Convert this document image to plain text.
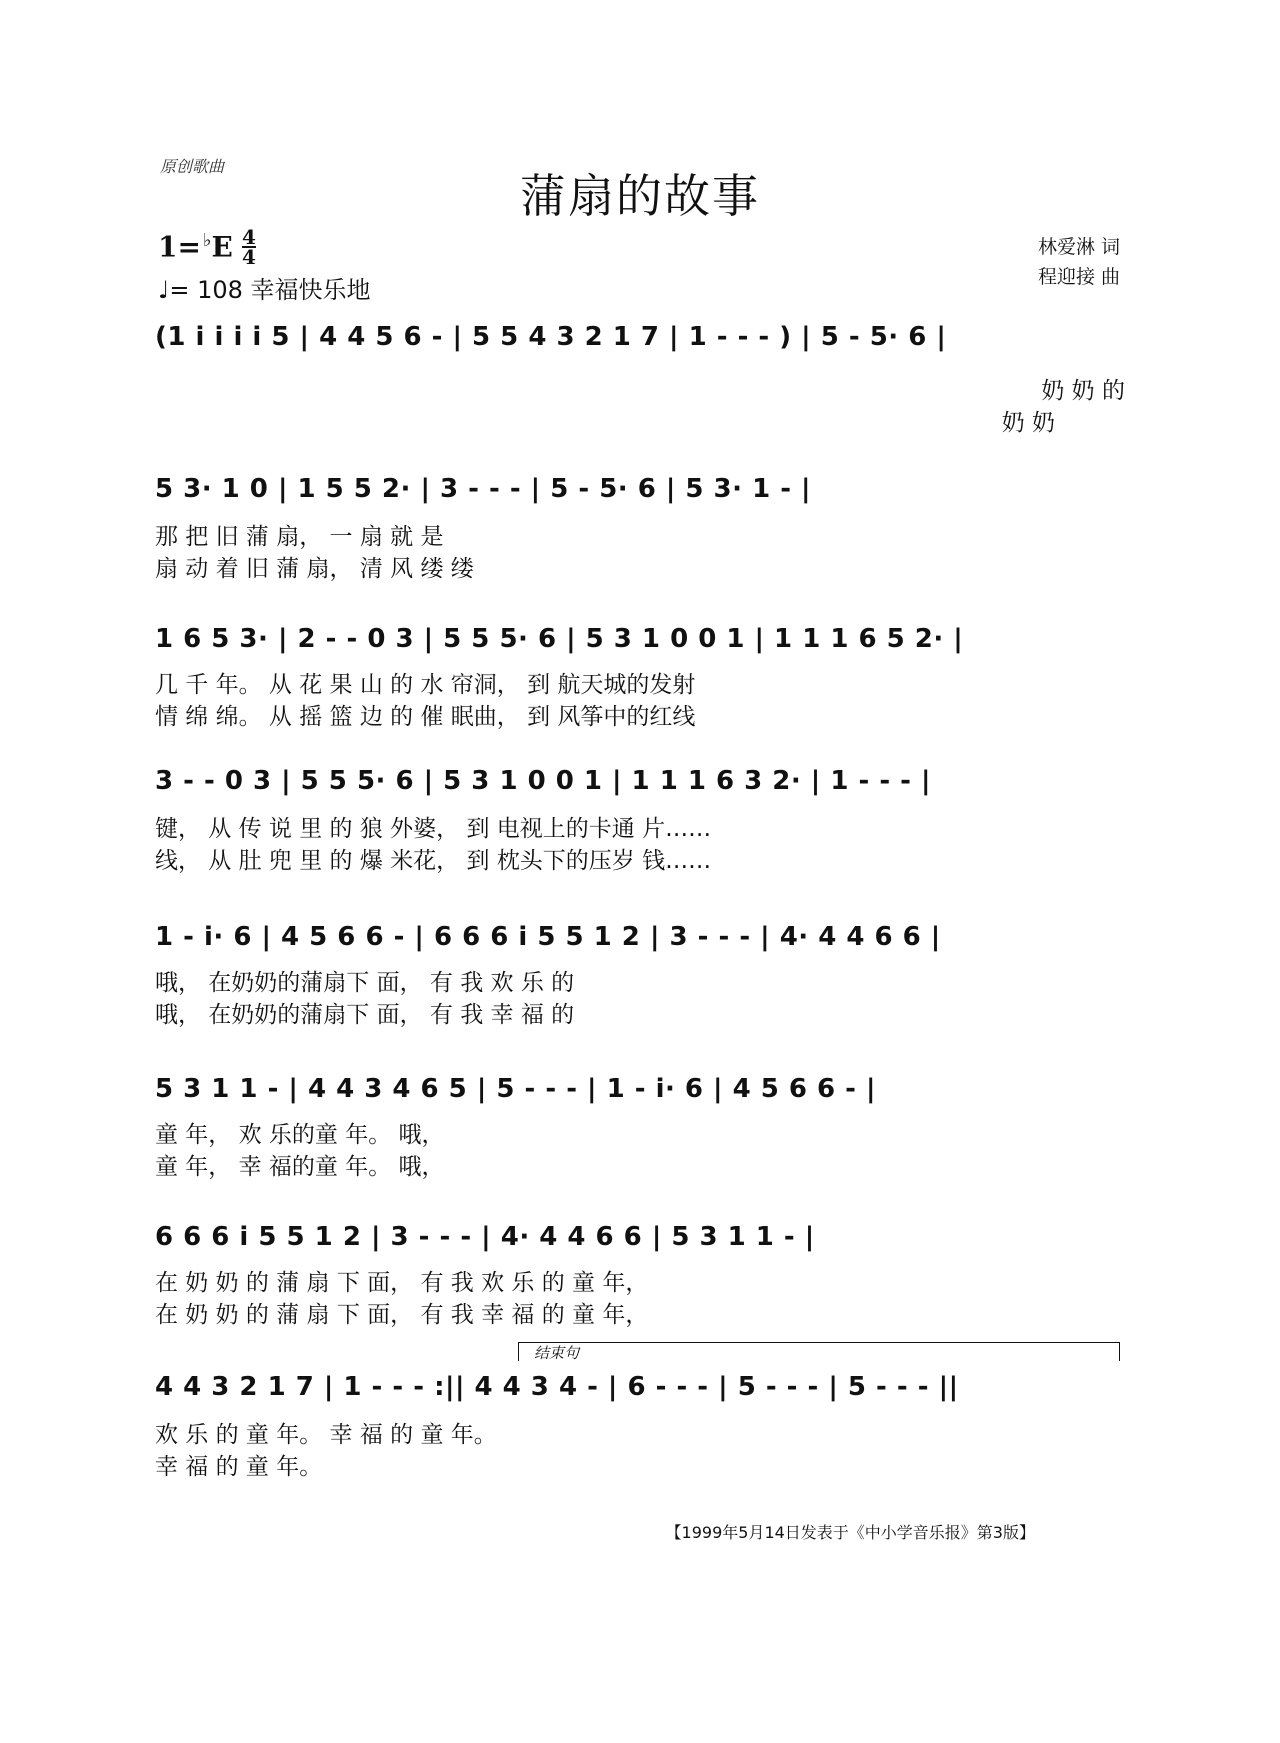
原创歌曲
蒲扇的故事
1= ♭E 4
4
♩= 108 幸福快乐地
林爱淋 词
程迎接 曲
(1 i i i i 5 | 4 4 5 6 - | 5 5 4 3 2 1 7 | 1 - - - ) | 5 - 5· 6 |
奶 奶 的
奶 奶
5 3· 1 0 | 1 5 5 2· | 3 - - - | 5 - 5· 6 | 5 3· 1 - |
那 把 旧 蒲 扇， 一 扇 就 是
扇 动 着 旧 蒲 扇， 清 风 缕 缕
1 6 5 3· | 2 - - 0 3 | 5 5 5· 6 | 5 3 1 0 0 1 | 1 1 1 6 5 2· |
几 千 年。 从 花 果 山 的 水 帘洞， 到 航天城的发射
情 绵 绵。 从 摇 篮 边 的 催 眠曲， 到 风筝中的红线
3 - - 0 3 | 5 5 5· 6 | 5 3 1 0 0 1 | 1 1 1 6 3 2· | 1 - - - |
键， 从 传 说 里 的 狼 外婆， 到 电视上的卡通 片……
线， 从 肚 兜 里 的 爆 米花， 到 枕头下的压岁 钱……
1 - i· 6 | 4 5 6 6 - | 6 6 6 i 5 5 1 2 | 3 - - - | 4· 4 4 6 6 |
哦， 在奶奶的蒲扇下 面， 有 我 欢 乐 的
哦， 在奶奶的蒲扇下 面， 有 我 幸 福 的
5 3 1 1 - | 4 4 3 4 6 5 | 5 - - - | 1 - i· 6 | 4 5 6 6 - |
童 年， 欢 乐的童 年。 哦，
童 年， 幸 福的童 年。 哦，
6 6 6 i 5 5 1 2 | 3 - - - | 4· 4 4 6 6 | 5 3 1 1 - |
在 奶 奶 的 蒲 扇 下 面， 有 我 欢 乐 的 童 年，
在 奶 奶 的 蒲 扇 下 面， 有 我 幸 福 的 童 年，
结束句
4 4 3 2 1 7 | 1 - - - :|| 4 4 3 4 - | 6 - - - | 5 - - - | 5 - - - ||
欢 乐 的 童 年。 幸 福 的 童 年。
幸 福 的 童 年。
【1999年5月14日发表于《中小学音乐报》第3版】
